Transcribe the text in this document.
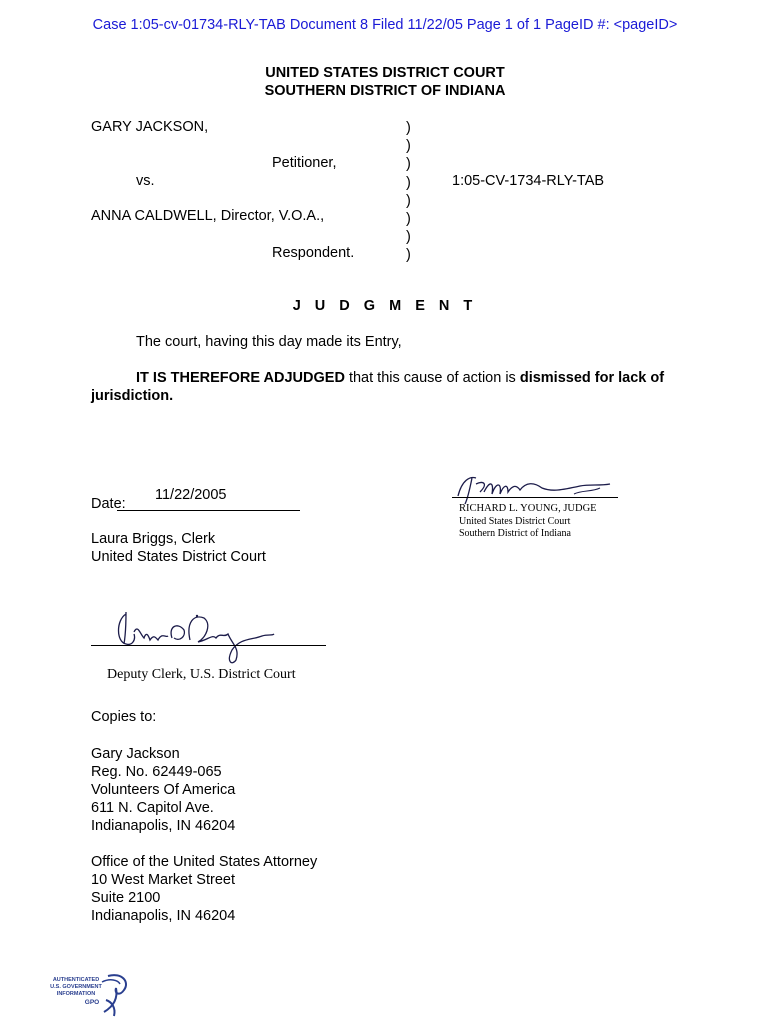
Case 1:05-cv-01734-RLY-TAB Document 8 Filed 11/22/05 Page 1 of 1 PageID #: <pageID>
UNITED STATES DISTRICT COURT
SOUTHERN DISTRICT OF INDIANA
GARY JACKSON,
Petitioner,
vs.
ANNA CALDWELL, Director, V.O.A.,
Respondent.
)
)
)
)
)
)
)
)
1:05-CV-1734-RLY-TAB
J U D G M E N T
The court, having this day made its Entry,
IT IS THEREFORE ADJUDGED that this cause of action is dismissed for lack of
jurisdiction.
Date:
11/22/2005
RICHARD L. YOUNG, JUDGE
United States District Court
Southern District of Indiana
Laura Briggs, Clerk
United States District Court
Deputy Clerk, U.S. District Court
Copies to:
Gary Jackson
Reg. No. 62449-065
Volunteers Of America
611 N. Capitol Ave.
Indianapolis, IN 46204
Office of the United States Attorney
10 West Market Street
Suite 2100
Indianapolis, IN 46204
AUTHENTICATED
U.S. GOVERNMENT
INFORMATION
GPO
